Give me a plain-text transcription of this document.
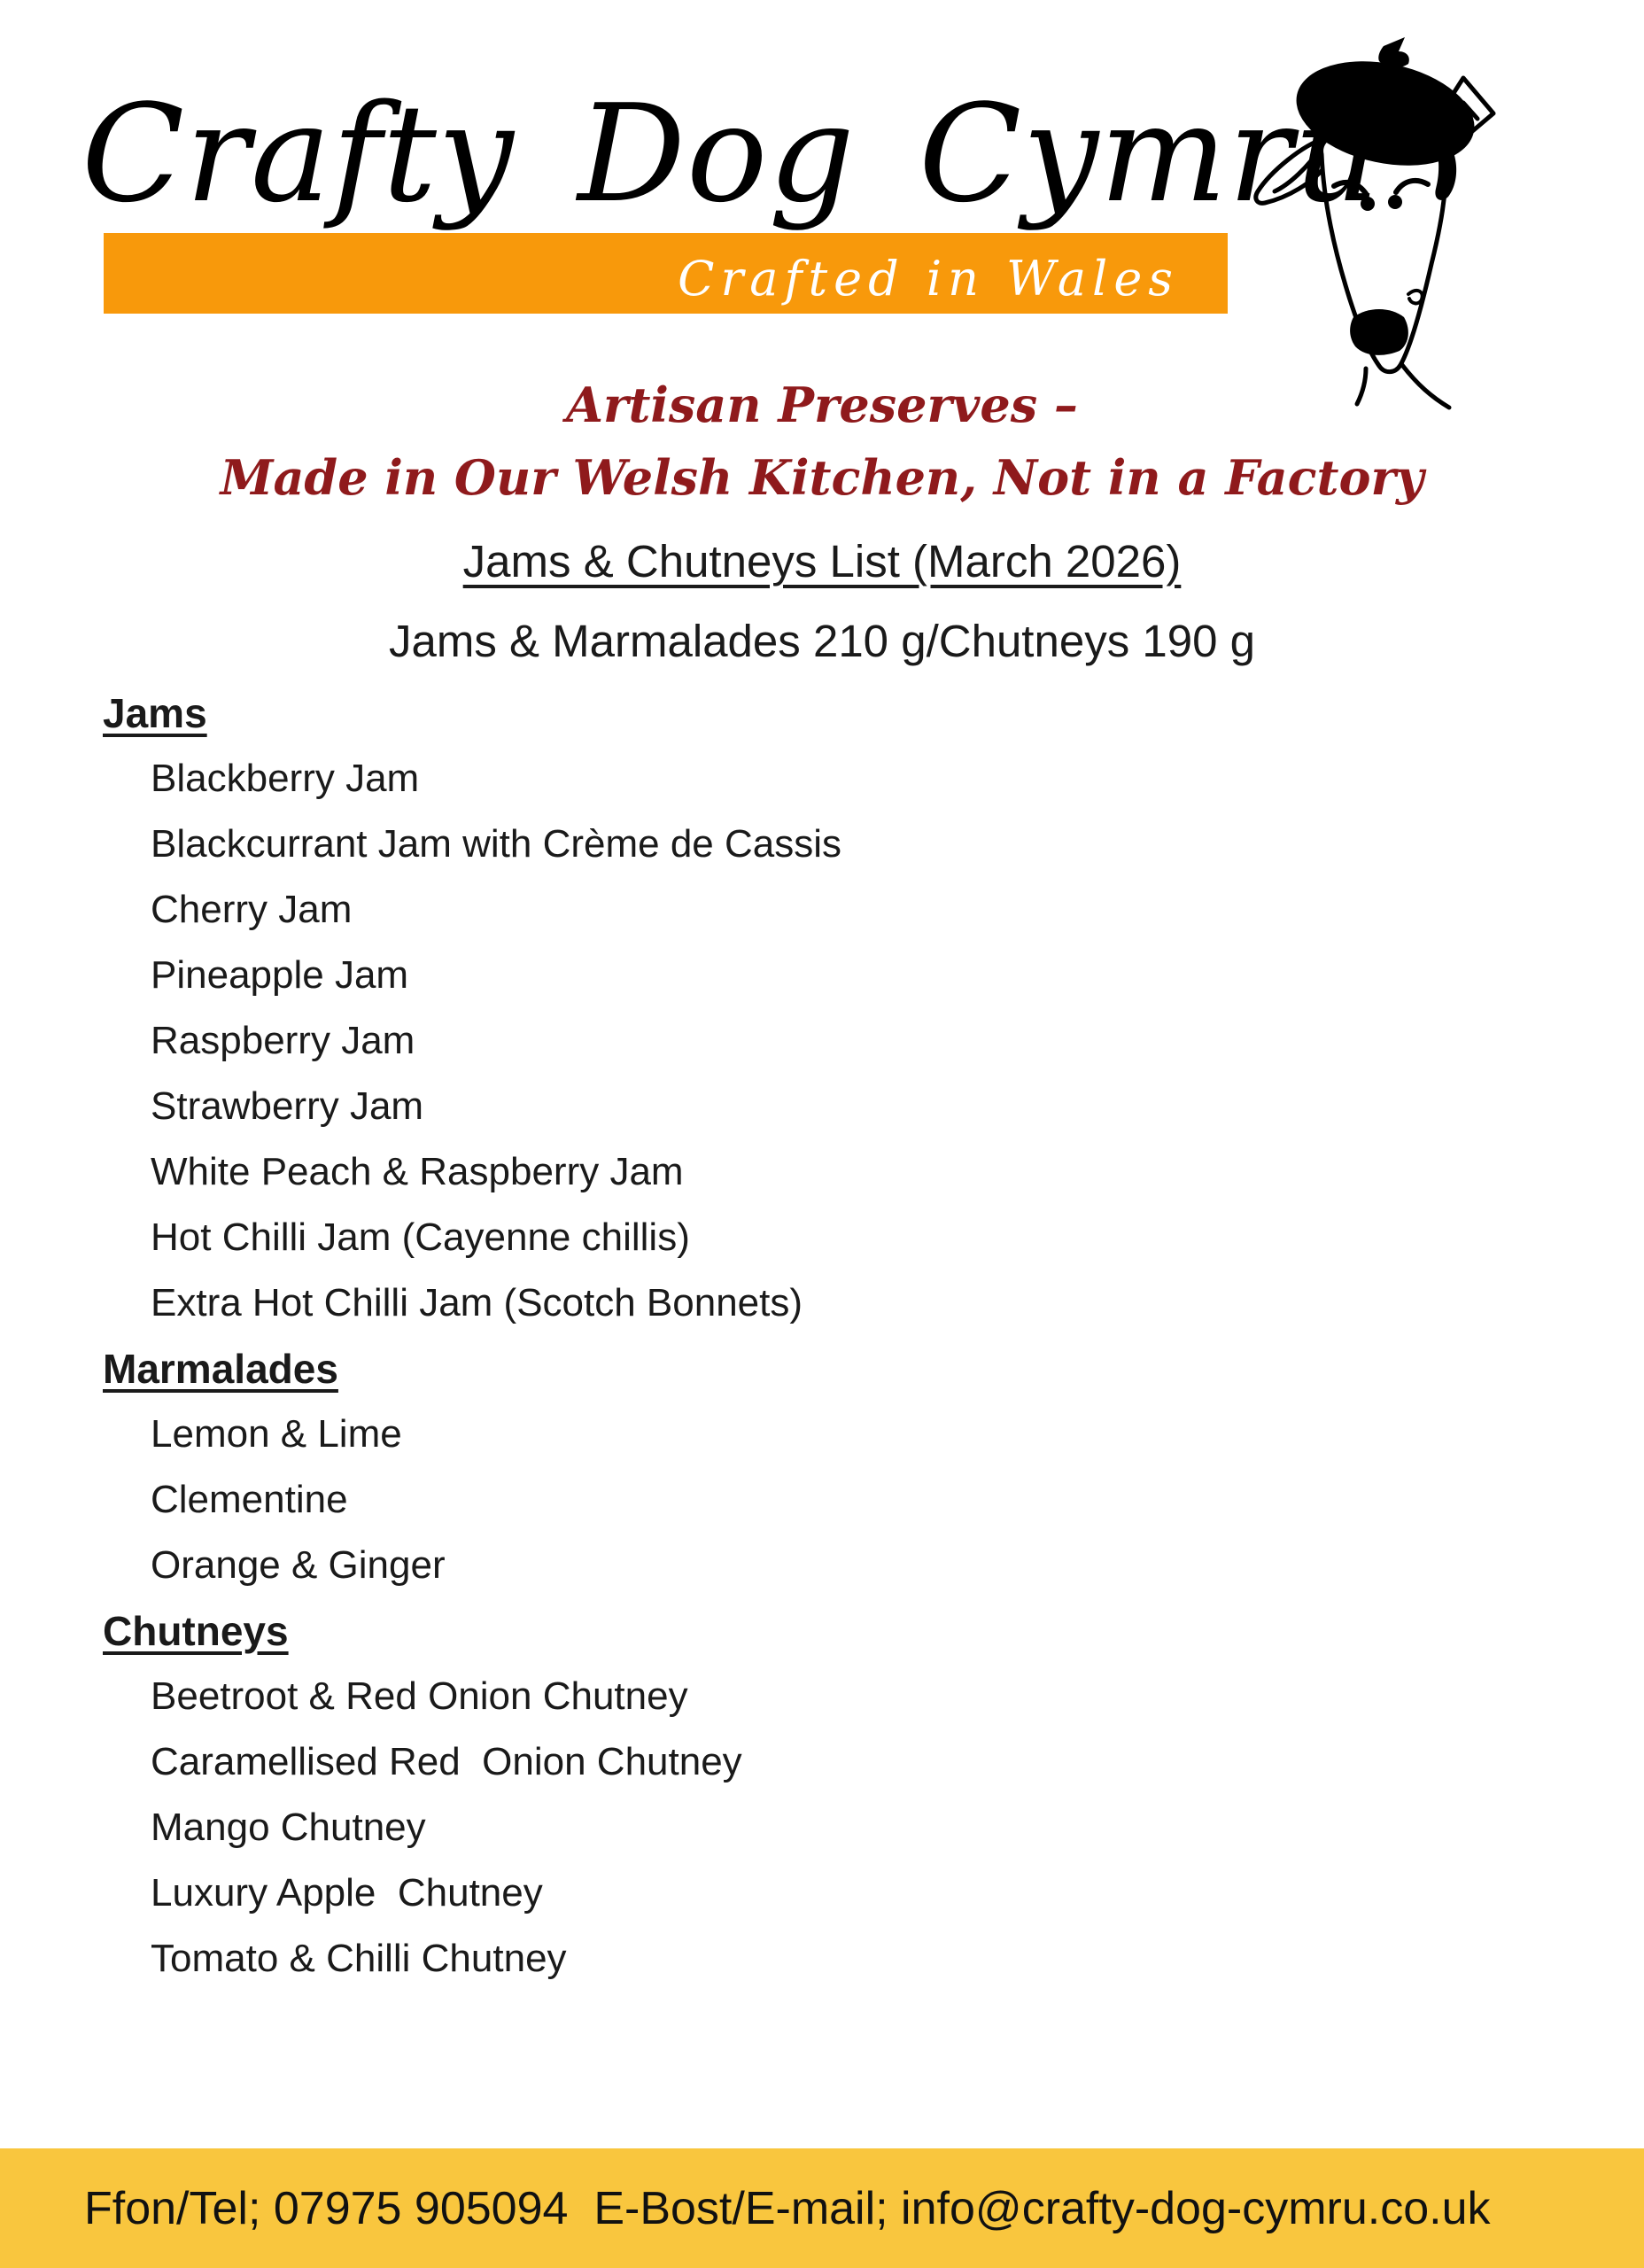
Crafty Dog Cymru
Crafted in Wales
Artisan Preserves –
Made in Our Welsh Kitchen, Not in a Factory
Jams & Chutneys List (March 2026)
Jams & Marmalades 210 g/Chutneys 190 g
Jams
Blackberry Jam
Blackcurrant Jam with Crème de Cassis
Cherry Jam
Pineapple Jam
Raspberry Jam
Strawberry Jam
White Peach & Raspberry Jam
Hot Chilli Jam (Cayenne chillis)
Extra Hot Chilli Jam (Scotch Bonnets)
Marmalades
Lemon & Lime
Clementine
Orange & Ginger
Chutneys
Beetroot & Red Onion Chutney
Caramellised Red  Onion Chutney
Mango Chutney
Luxury Apple  Chutney
Tomato & Chilli Chutney
Ffon/Tel; 07975 905094  E-Bost/E-mail; info@crafty-dog-cymru.co.uk
